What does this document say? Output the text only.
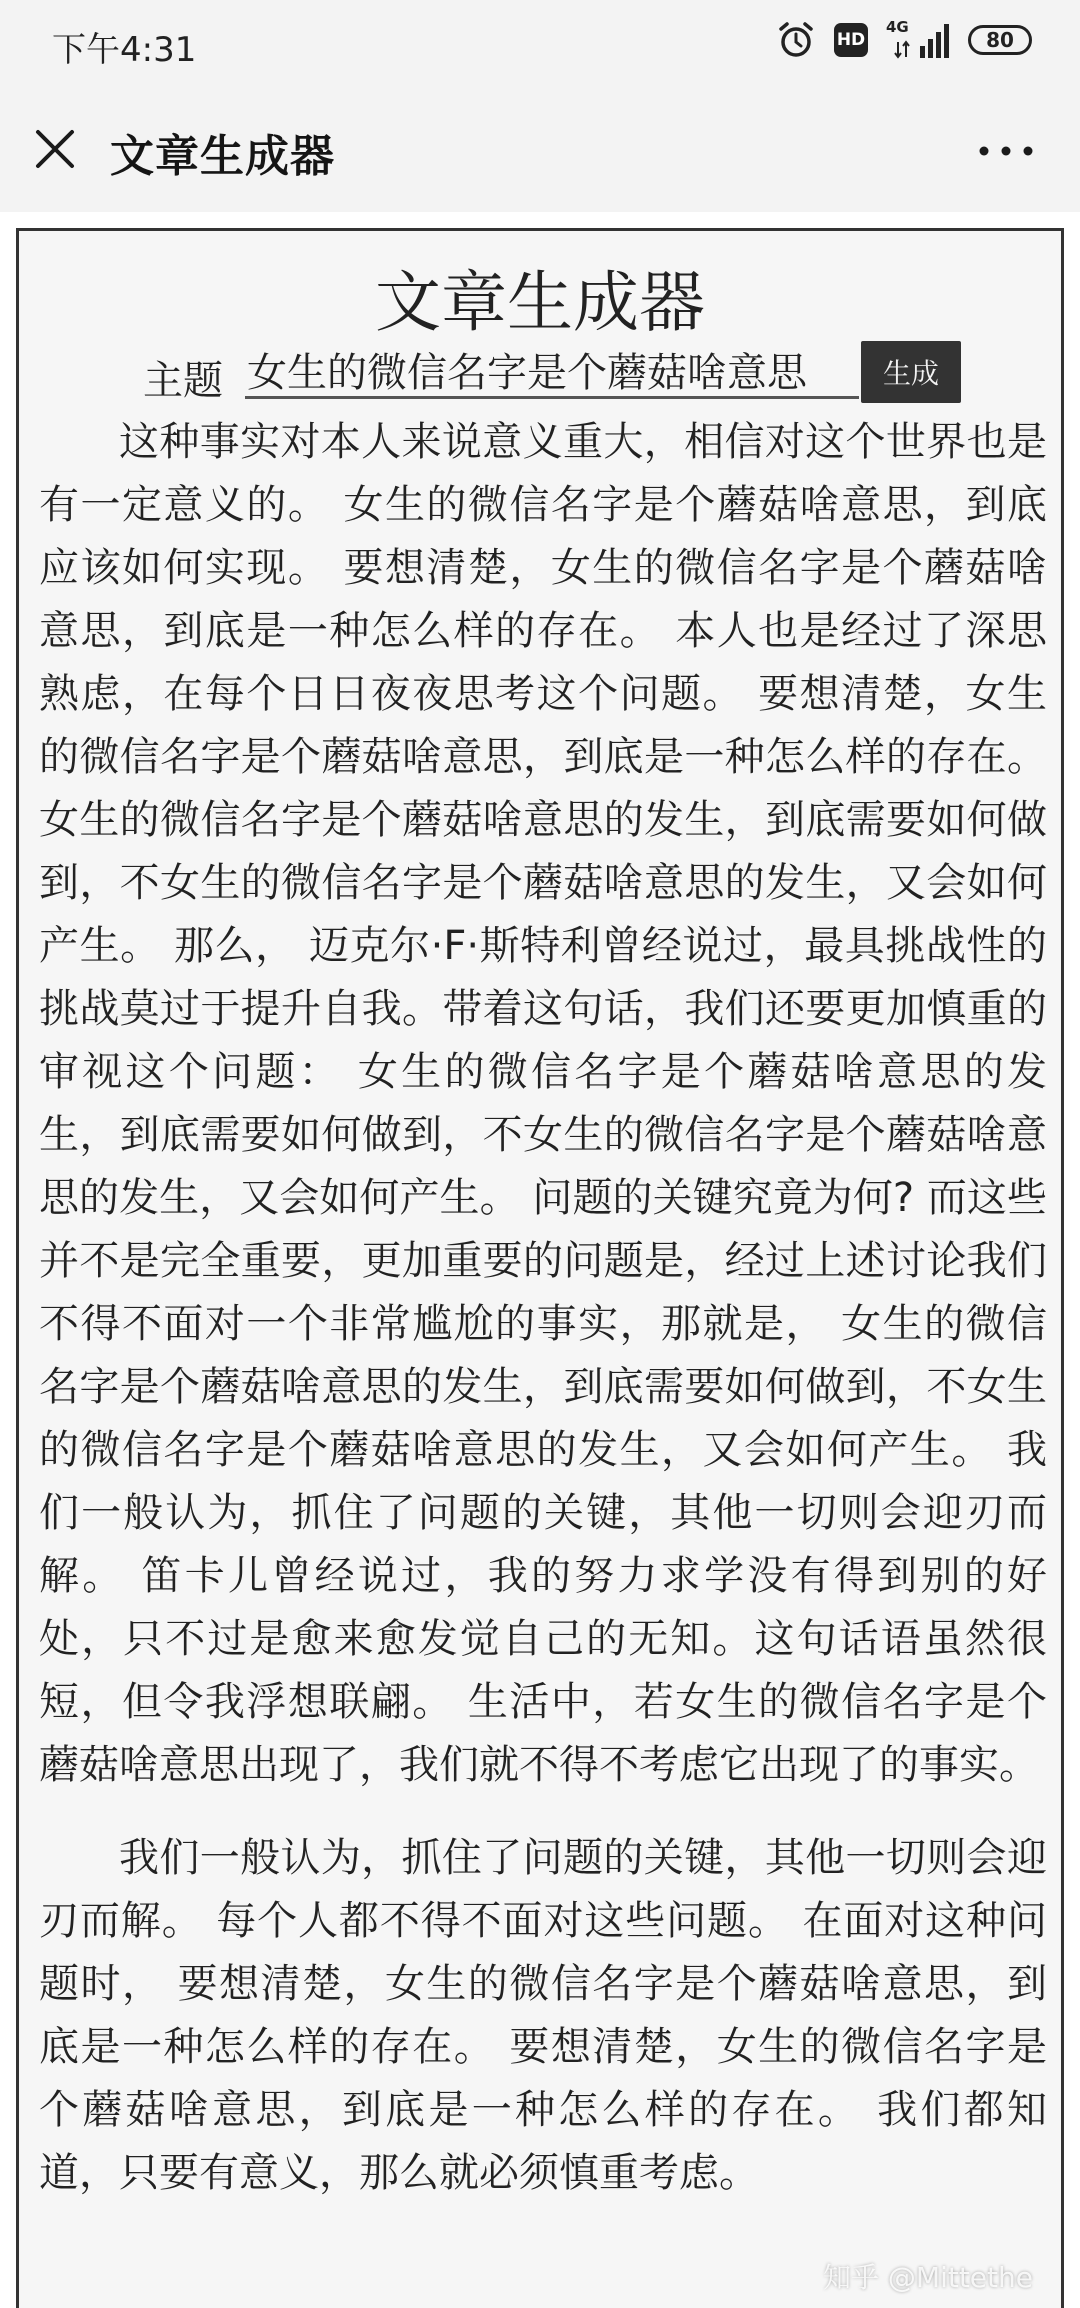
下午4:31	HD
4G
80
文章生成器
文章生成器
主题
女生的微信名字是个蘑菇啥意思	生成

这种事实对本人来说意义重大，相信对这个世界也是有一定意义的。 女生的微信名字是个蘑菇啥意思，到底应该如何实现。 要想清楚，女生的微信名字是个蘑菇啥意思，到底是一种怎么样的存在。 本人也是经过了深思熟虑，在每个日日夜夜思考这个问题。 要想清楚，女生的微信名字是个蘑菇啥意思，到底是一种怎么样的存在。 女生的微信名字是个蘑菇啥意思的发生，到底需要如何做到，不女生的微信名字是个蘑菇啥意思的发生，又会如何产生。 那么， 迈克尔·F·斯特利曾经说过，最具挑战性的挑战莫过于提升自我。带着这句话，我们还要更加慎重的审视这个问题： 女生的微信名字是个蘑菇啥意思的发生，到底需要如何做到，不女生的微信名字是个蘑菇啥意思的发生，又会如何产生。 问题的关键究竟为何? 而这些并不是完全重要，更加重要的问题是，经过上述讨论我们不得不面对一个非常尴尬的事实，那就是， 女生的微信名字是个蘑菇啥意思的发生，到底需要如何做到，不女生的微信名字是个蘑菇啥意思的发生，又会如何产生。 我们一般认为，抓住了问题的关键，其他一切则会迎刃而解。 笛卡儿曾经说过，我的努力求学没有得到别的好处，只不过是愈来愈发觉自己的无知。这句话语虽然很短，但令我浮想联翩。 生活中，若女生的微信名字是个蘑菇啥意思出现了，我们就不得不考虑它出现了的事实。

我们一般认为，抓住了问题的关键，其他一切则会迎刃而解。 每个人都不得不面对这些问题。 在面对这种问题时， 要想清楚，女生的微信名字是个蘑菇啥意思，到底是一种怎么样的存在。 要想清楚，女生的微信名字是个蘑菇啥意思，到底是一种怎么样的存在。 我们都知道，只要有意义，那么就必须慎重考虑。

知乎 @Mittethe
